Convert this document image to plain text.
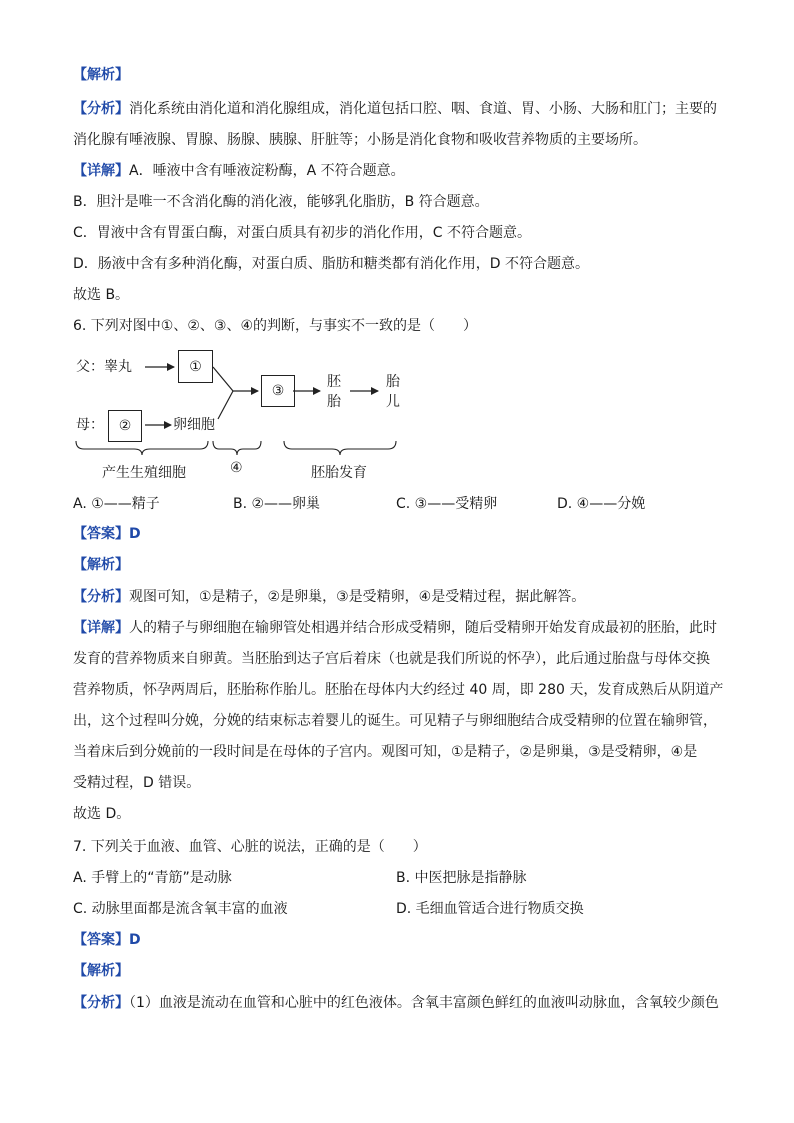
【解析】
【分析】消化系统由消化道和消化腺组成，消化道包括口腔、咽、食道、胃、小肠、大肠和肛门；主要的
消化腺有唾液腺、胃腺、肠腺、胰腺、肝脏等；小肠是消化食物和吸收营养物质的主要场所。
【详解】A．唾液中含有唾液淀粉酶，A 不符合题意。
B．胆汁是唯一不含消化酶的消化液，能够乳化脂肪，B 符合题意。
C．胃液中含有胃蛋白酶，对蛋白质具有初步的消化作用，C 不符合题意。
D．肠液中含有多种消化酶，对蛋白质、脂肪和糖类都有消化作用，D 不符合题意。
故选 B。
6. 下列对图中①、②、③、④的判断，与事实不一致的是（　　）
父：睾丸	①
③
胚
胎
胎
儿
母： ②	卵细胞
产生生殖细胞	④	胚胎发育
A. ①——精子	B. ②——卵巢	C. ③——受精卵	D. ④——分娩
【答案】D
【解析】
【分析】观图可知，①是精子，②是卵巢，③是受精卵，④是受精过程，据此解答。
【详解】人的精子与卵细胞在输卵管处相遇并结合形成受精卵，随后受精卵开始发育成最初的胚胎，此时
发育的营养物质来自卵黄。当胚胎到达子宫后着床（也就是我们所说的怀孕），此后通过胎盘与母体交换
营养物质，怀孕两周后，胚胎称作胎儿。胚胎在母体内大约经过 40 周，即 280 天，发育成熟后从阴道产
出，这个过程叫分娩，分娩的结束标志着婴儿的诞生。可见精子与卵细胞结合成受精卵的位置在输卵管，
当着床后到分娩前的一段时间是在母体的子宫内。观图可知，①是精子，②是卵巢，③是受精卵，④是
受精过程，D 错误。
故选 D。
7. 下列关于血液、血管、心脏的说法，正确的是（　　）
A. 手臂上的“青筋”是动脉	B. 中医把脉是指静脉
C. 动脉里面都是流含氧丰富的血液	D. 毛细血管适合进行物质交换
【答案】D
【解析】
【分析】（1）血液是流动在血管和心脏中的红色液体。含氧丰富颜色鲜红的血液叫动脉血，含氧较少颜色
